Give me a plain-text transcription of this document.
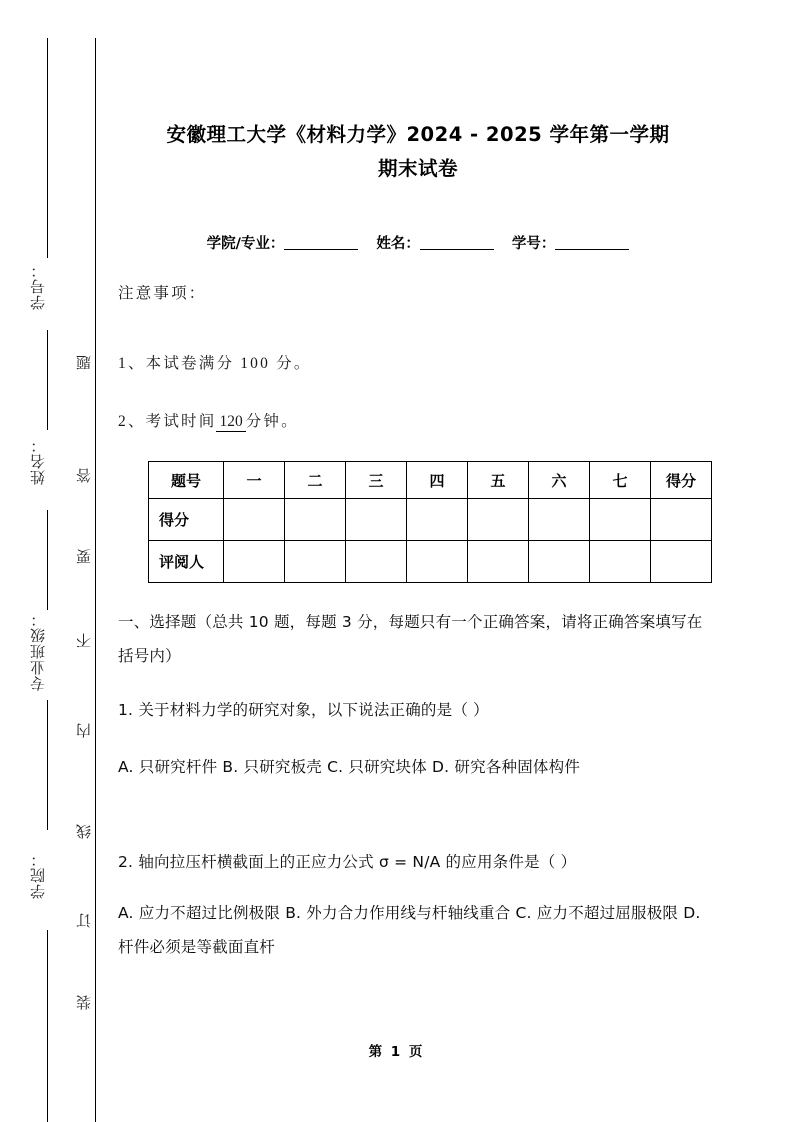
学号：
姓名：
专业班级：
学院：
题
答
要
不
内
线
订
装
安徽理工大学《材料力学》2024 - 2025 学年第一学期
期末试卷
学院/专业：	姓名：	学号：
注意事项：
1、本试卷满分 100 分。
2、考试时间 120 分钟。
题号	一	二	三	四	五	六	七	得分
得分								
评阅人								
一、选择题（总共 10 题，每题 3 分，每题只有一个正确答案，请将正确答案填写在括号内）
1. 关于材料力学的研究对象，以下说法正确的是（ ）
A. 只研究杆件 B. 只研究板壳 C. 只研究块体 D. 研究各种固体构件
2. 轴向拉压杆横截面上的正应力公式 σ = N/A 的应用条件是（ ）
A. 应力不超过比例极限 B. 外力合力作用线与杆轴线重合 C. 应力不超过屈服极限 D. 杆件必须是等截面直杆
第 1 页
